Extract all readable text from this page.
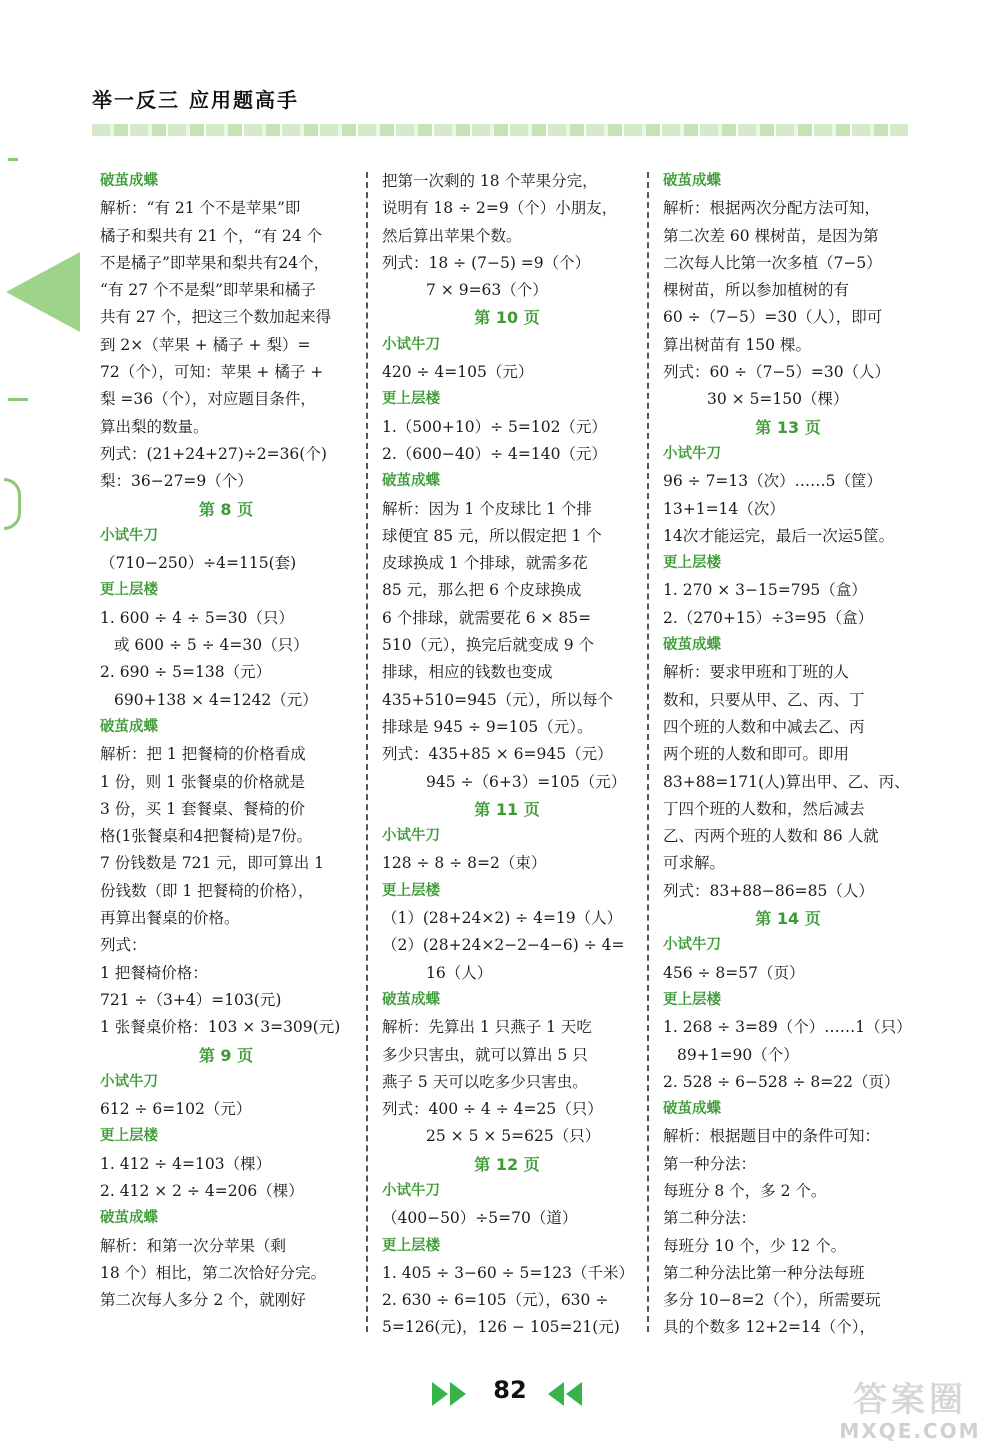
举一反三 应用题高手
破茧成蝶
解析：“有 21 个不是苹果”即
橘子和梨共有 21 个，“有 24 个
不是橘子”即苹果和梨共有24个，
“有 27 个不是梨”即苹果和橘子
共有 27 个，把这三个数加起来得
到 2×（苹果 + 橘子 + 梨）=
72（个），可知：苹果 + 橘子 +
梨 =36（个），对应题目条件，
算出梨的数量。
列式：(21+24+27)÷2=36(个)
梨：36−27=9（个）
第 8 页
小试牛刀
（710−250）÷4=115(套)
更上层楼
1. 600 ÷ 4 ÷ 5=30（只）
或 600 ÷ 5 ÷ 4=30（只）
2. 690 ÷ 5=138（元）
690+138 × 4=1242（元）
破茧成蝶
解析：把 1 把餐椅的价格看成
1 份，则 1 张餐桌的价格就是
3 份，买 1 套餐桌、餐椅的价
格(1张餐桌和4把餐椅)是7份。
7 份钱数是 721 元，即可算出 1
份钱数（即 1 把餐椅的价格），
再算出餐桌的价格。
列式：
1 把餐椅价格：
721 ÷（3+4）=103(元)
1 张餐桌价格：103 × 3=309(元)
第 9 页
小试牛刀
612 ÷ 6=102（元）
更上层楼
1. 412 ÷ 4=103（棵）
2. 412 × 2 ÷ 4=206（棵）
破茧成蝶
解析：和第一次分苹果（剩
18 个）相比，第二次恰好分完。
第二次每人多分 2 个，就刚好
把第一次剩的 18 个苹果分完，
说明有 18 ÷ 2=9（个）小朋友，
然后算出苹果个数。
列式：18 ÷ (7−5) =9（个）
7 × 9=63（个）
第 10 页
小试牛刀
420 ÷ 4=105（元）
更上层楼
1.（500+10）÷ 5=102（元）
2.（600−40）÷ 4=140（元）
破茧成蝶
解析：因为 1 个皮球比 1 个排
球便宜 85 元，所以假定把 1 个
皮球换成 1 个排球，就需多花
85 元，那么把 6 个皮球换成
6 个排球，就需要花 6 × 85=
510（元），换完后就变成 9 个
排球，相应的钱数也变成
435+510=945（元），所以每个
排球是 945 ÷ 9=105（元）。
列式：435+85 × 6=945（元）
945 ÷（6+3）=105（元）
第 11 页
小试牛刀
128 ÷ 8 ÷ 8=2（束）
更上层楼
（1）(28+24×2) ÷ 4=19（人）
（2）(28+24×2−2−4−6) ÷ 4=
16（人）
破茧成蝶
解析：先算出 1 只燕子 1 天吃
多少只害虫，就可以算出 5 只
燕子 5 天可以吃多少只害虫。
列式：400 ÷ 4 ÷ 4=25（只）
25 × 5 × 5=625（只）
第 12 页
小试牛刀
（400−50）÷5=70（道）
更上层楼
1. 405 ÷ 3−60 ÷ 5=123（千米）
2. 630 ÷ 6=105（元），630 ÷
5=126(元)，126 − 105=21(元)
破茧成蝶
解析：根据两次分配方法可知，
第二次差 60 棵树苗，是因为第
二次每人比第一次多植（7−5）
棵树苗，所以参加植树的有
60 ÷（7−5）=30（人），即可
算出树苗有 150 棵。
列式：60 ÷（7−5）=30（人）
30 × 5=150（棵）
第 13 页
小试牛刀
96 ÷ 7=13（次）……5（筐）
13+1=14（次）
14次才能运完，最后一次运5筐。
更上层楼
1. 270 × 3−15=795（盒）
2.（270+15）÷3=95（盒）
破茧成蝶
解析：要求甲班和丁班的人
数和，只要从甲、乙、丙、丁
四个班的人数和中减去乙、丙
两个班的人数和即可。即用
83+88=171(人)算出甲、乙、丙、
丁四个班的人数和，然后减去
乙、丙两个班的人数和 86 人就
可求解。
列式：83+88−86=85（人）
第 14 页
小试牛刀
456 ÷ 8=57（页）
更上层楼
1. 268 ÷ 3=89（个）……1（只）
89+1=90（个）
2. 528 ÷ 6−528 ÷ 8=22（页）
破茧成蝶
解析：根据题目中的条件可知：
第一种分法：
每班分 8 个，多 2 个。
第二种分法：
每班分 10 个，少 12 个。
第二种分法比第一种分法每班
多分 10−8=2（个），所需要玩
具的个数多 12+2=14（个），
82	答案圈
MXQE.COM
